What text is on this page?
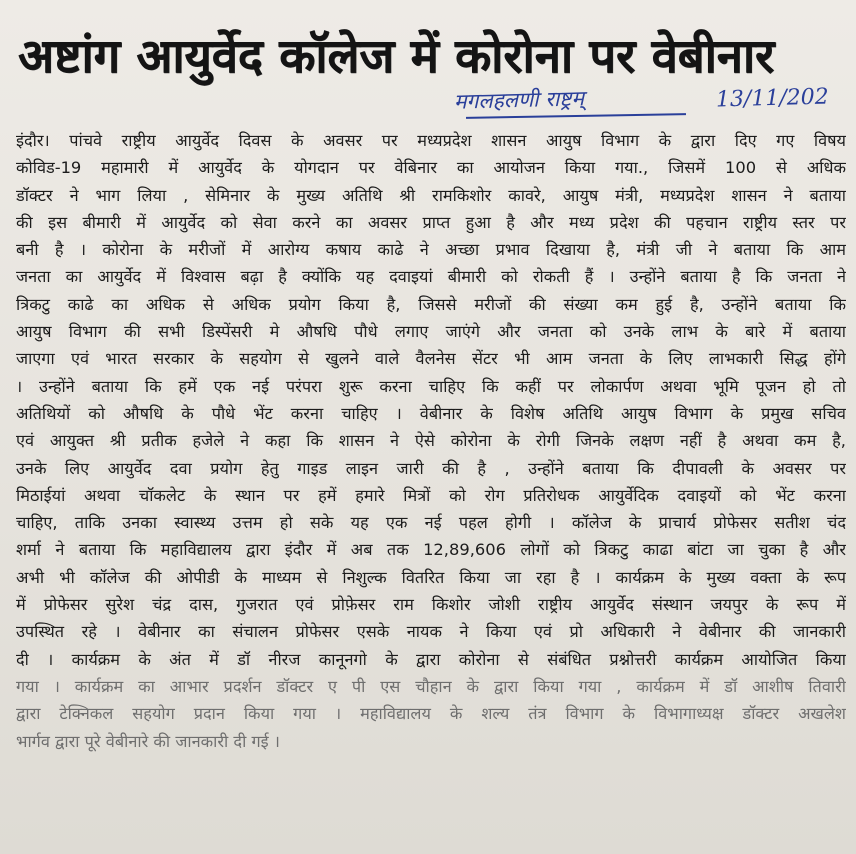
अष्टांग आयुर्वेद कॉलेज में कोरोना पर वेबीनार
मगलहलणी राष्ट्रम्	13/11/202
इंदौर। पांचवे राष्ट्रीय आयुर्वेद दिवस के अवसर पर मध्यप्रदेश शासन आयुष विभाग के द्वारा दिए गए विषय
कोविड-19 महामारी में आयुर्वेद के योगदान पर वेबिनार का आयोजन किया गया., जिसमें 100 से अधिक
डॉक्टर ने भाग लिया , सेमिनार के मुख्य अतिथि श्री रामकिशोर कावरे, आयुष मंत्री, मध्यप्रदेश शासन ने बताया
की इस बीमारी में आयुर्वेद को सेवा करने का अवसर प्राप्त हुआ है और मध्य प्रदेश की पहचान राष्ट्रीय स्तर पर
बनी है । कोरोना के मरीजों में आरोग्य कषाय काढे ने अच्छा प्रभाव दिखाया है, मंत्री जी ने बताया कि आम
जनता का आयुर्वेद में विश्वास बढ़ा है क्योंकि यह दवाइयां बीमारी को रोकती हैं । उन्होंने बताया है कि जनता ने
त्रिकटु काढे का अधिक से अधिक प्रयोग किया है, जिससे मरीजों की संख्या कम हुई है, उन्होंने बताया कि
आयुष विभाग की सभी डिस्पेंसरी मे औषधि पौधे लगाए जाएंगे और जनता को उनके लाभ के बारे में बताया
जाएगा एवं भारत सरकार के सहयोग से खुलने वाले वैलनेस सेंटर भी आम जनता के लिए लाभकारी सिद्ध होंगे
। उन्होंने बताया कि हमें एक नई परंपरा शुरू करना चाहिए कि कहीं पर लोकार्पण अथवा भूमि पूजन हो तो
अतिथियों को औषधि के पौधे भेंट करना चाहिए । वेबीनार के विशेष अतिथि आयुष विभाग के प्रमुख सचिव
एवं आयुक्त श्री प्रतीक हजेले ने कहा कि शासन ने ऐसे कोरोना के रोगी जिनके लक्षण नहीं है अथवा कम है,
उनके लिए आयुर्वेद दवा प्रयोग हेतु गाइड लाइन जारी की है , उन्होंने बताया कि दीपावली के अवसर पर
मिठाईयां अथवा चॉकलेट के स्थान पर हमें हमारे मित्रों को रोग प्रतिरोधक आयुर्वेदिक दवाइयों को भेंट करना
चाहिए, ताकि उनका स्वास्थ्य उत्तम हो सके यह एक नई पहल होगी । कॉलेज के प्राचार्य प्रोफेसर सतीश चंद
शर्मा ने बताया कि महाविद्यालय द्वारा इंदौर में अब तक 12,89,606 लोगों को त्रिकटु काढा बांटा जा चुका है और
अभी भी कॉलेज की ओपीडी के माध्यम से निशुल्क वितरित किया जा रहा है । कार्यक्रम के मुख्य वक्ता के रूप
में प्रोफेसर सुरेश चंद्र दास, गुजरात एवं प्रोफ़ेसर राम किशोर जोशी राष्ट्रीय आयुर्वेद संस्थान जयपुर के रूप में
उपस्थित रहे । वेबीनार का संचालन प्रोफेसर एसके नायक ने किया एवं प्रो अधिकारी ने वेबीनार की जानकारी
दी । कार्यक्रम के अंत में डॉ नीरज कानूनगो के द्वारा कोरोना से संबंधित प्रश्नोत्तरी कार्यक्रम आयोजित किया
गया । कार्यक्रम का आभार प्रदर्शन डॉक्टर ए पी एस चौहान के द्वारा किया गया , कार्यक्रम में डॉ आशीष तिवारी
द्वारा टेक्निकल सहयोग प्रदान किया गया । महाविद्यालय के शल्य तंत्र विभाग के विभागाध्यक्ष डॉक्टर अखलेश
भार्गव द्वारा पूरे वेबीनारे की जानकारी दी गई ।
